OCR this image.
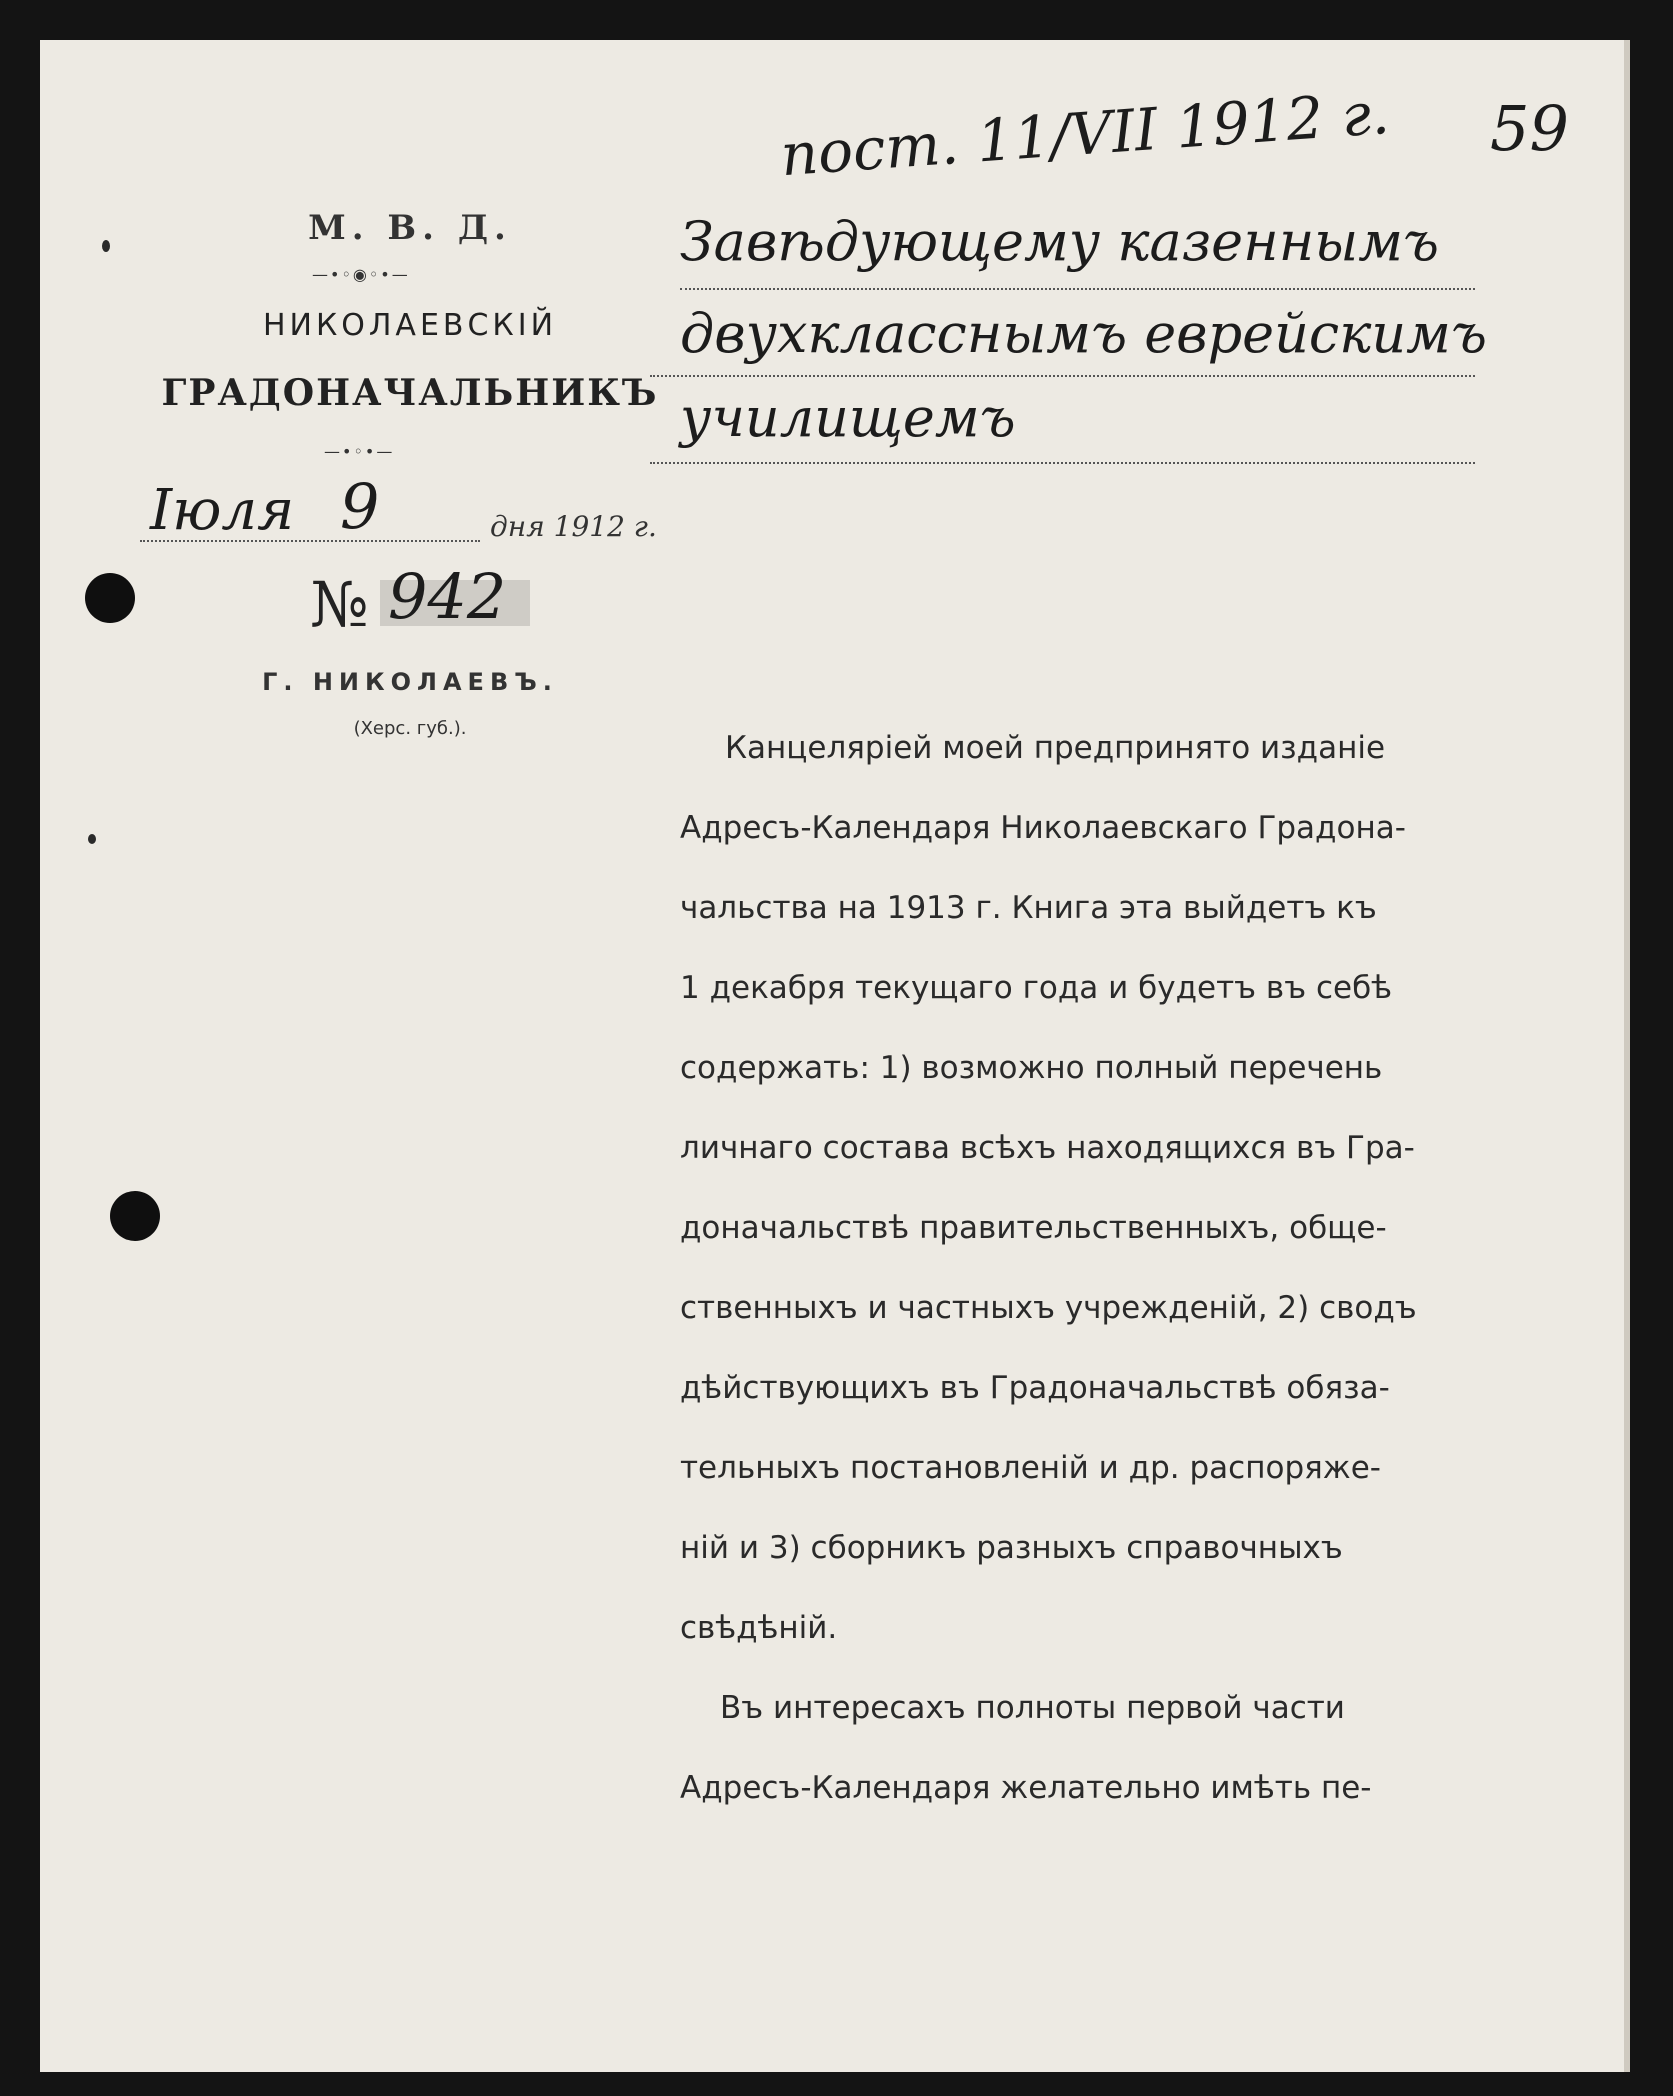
пост. 11/VII 1912 г. 59
Завѣдующему казеннымъ
двухкласснымъ еврейскимъ
училищемъ
М. В. Д.
—•◦◉◦•—
НИКОЛАЕВСКІЙ
ГРАДОНАЧАЛЬНИКЪ
—•◦•—
Іюля 9	дня 1912 г.
№ 942
Г. НИКОЛАЕВЪ.
(Херс. губ.).
Канцеляріей моей предпринято изданіе
Адресъ-Календаря Николаевскаго Градона-
чальства на 1913 г. Книга эта выйдетъ къ
1 декабря текущаго года и будетъ въ себѣ
содержать: 1) возможно полный перечень
личнаго состава всѣхъ находящихся въ Гра-
доначальствѣ правительственныхъ, обще-
ственныхъ и частныхъ учрежденій, 2) сводъ
дѣйствующихъ въ Градоначальствѣ обяза-
тельныхъ постановленій и др. распоряже-
ній и 3) сборникъ разныхъ справочныхъ
свѣдѣній.
Въ интересахъ полноты первой части
Адресъ-Календаря желательно имѣть пе-
